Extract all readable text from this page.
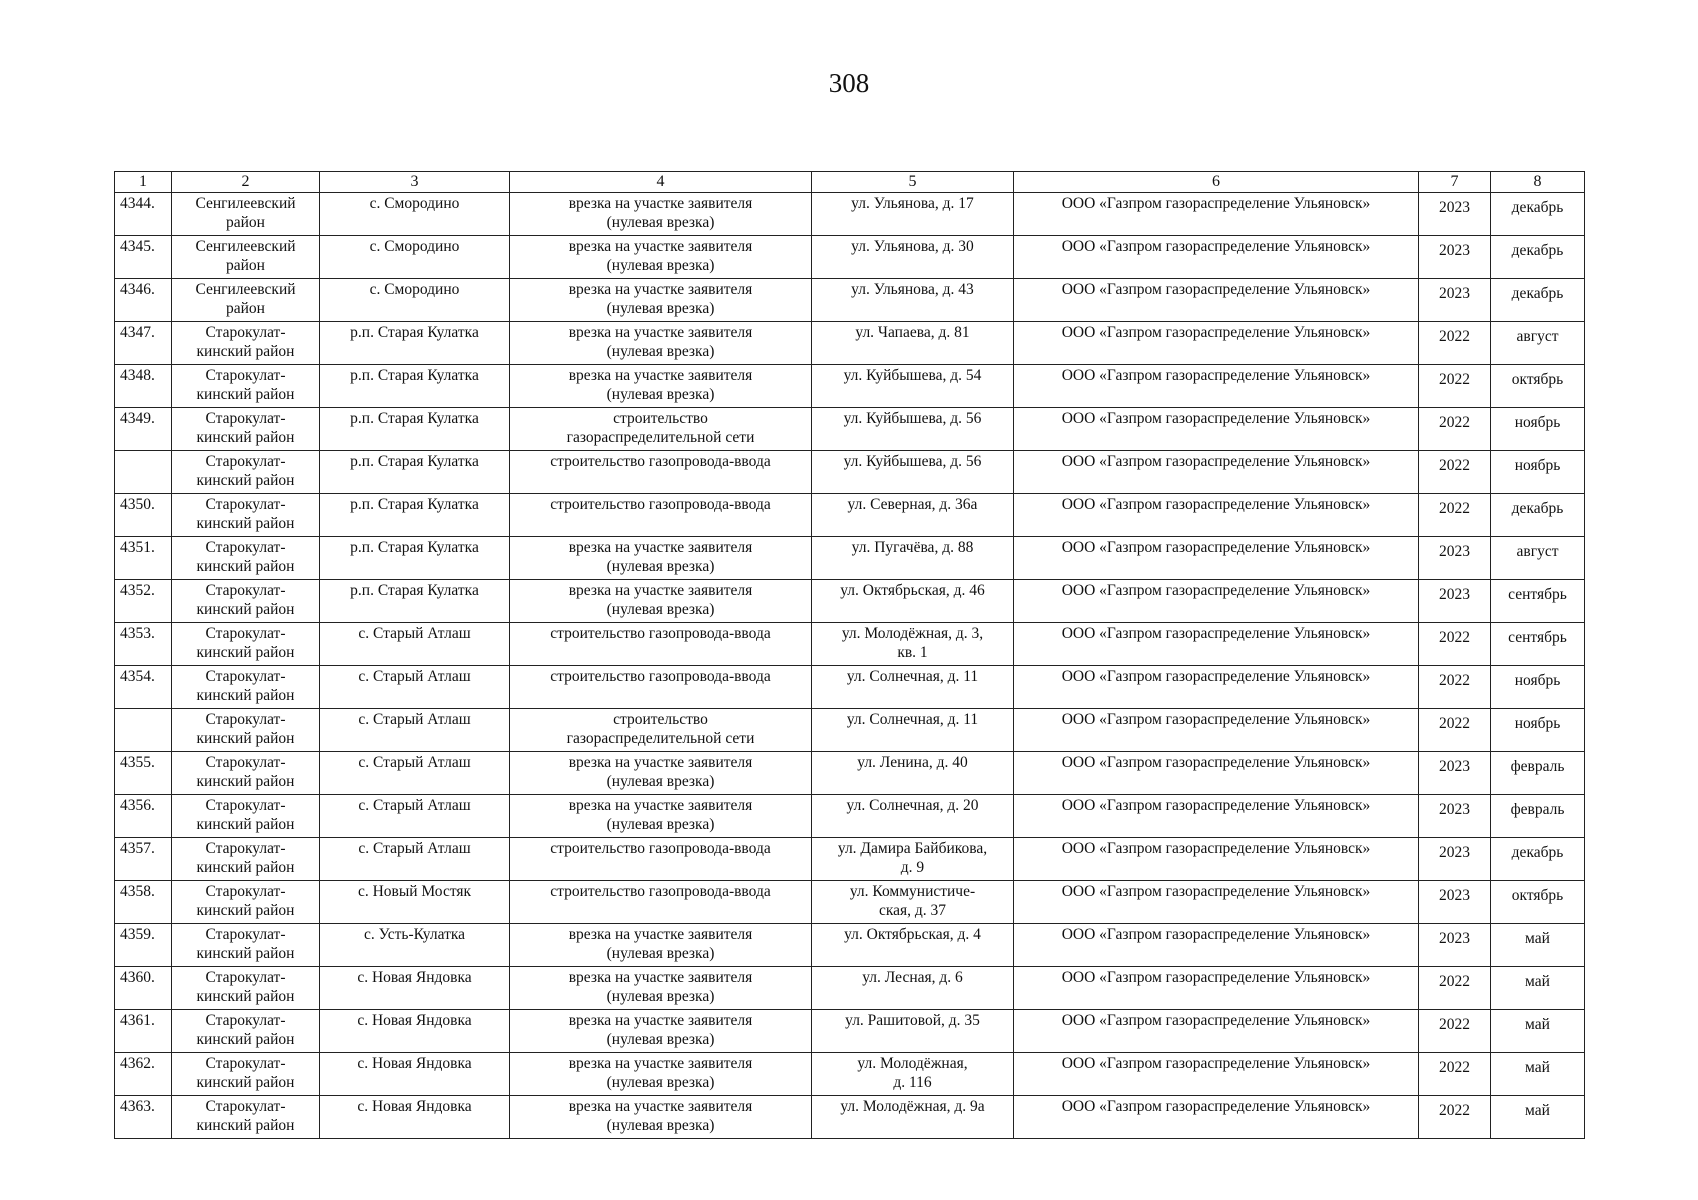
308
1	2	3	4	5	6	7	8

4344.	Сенгилеевский
район	с. Смородино	врезка на участке заявителя
(нулевая врезка)	ул. Ульянова, д. 17	ООО «Газпром газораспределение Ульяновск»	2023	декабрь

4345.	Сенгилеевский
район	с. Смородино	врезка на участке заявителя
(нулевая врезка)	ул. Ульянова, д. 30	ООО «Газпром газораспределение Ульяновск»	2023	декабрь

4346.	Сенгилеевский
район	с. Смородино	врезка на участке заявителя
(нулевая врезка)	ул. Ульянова, д. 43	ООО «Газпром газораспределение Ульяновск»	2023	декабрь

4347.	Старокулат-
кинский район	р.п. Старая Кулатка	врезка на участке заявителя
(нулевая врезка)	ул. Чапаева, д. 81	ООО «Газпром газораспределение Ульяновск»	2022	август

4348.	Старокулат-
кинский район	р.п. Старая Кулатка	врезка на участке заявителя
(нулевая врезка)	ул. Куйбышева, д. 54	ООО «Газпром газораспределение Ульяновск»	2022	октябрь

4349.	Старокулат-
кинский район	р.п. Старая Кулатка	строительство
газораспределительной сети	ул. Куйбышева, д. 56	ООО «Газпром газораспределение Ульяновск»	2022	ноябрь

	Старокулат-
кинский район	р.п. Старая Кулатка	строительство газопровода-ввода	ул. Куйбышева, д. 56	ООО «Газпром газораспределение Ульяновск»	2022	ноябрь

4350.	Старокулат-
кинский район	р.п. Старая Кулатка	строительство газопровода-ввода	ул. Северная, д. 36а	ООО «Газпром газораспределение Ульяновск»	2022	декабрь

4351.	Старокулат-
кинский район	р.п. Старая Кулатка	врезка на участке заявителя
(нулевая врезка)	ул. Пугачёва, д. 88	ООО «Газпром газораспределение Ульяновск»	2023	август

4352.	Старокулат-
кинский район	р.п. Старая Кулатка	врезка на участке заявителя
(нулевая врезка)	ул. Октябрьская, д. 46	ООО «Газпром газораспределение Ульяновск»	2023	сентябрь

4353.	Старокулат-
кинский район	с. Старый Атлаш	строительство газопровода-ввода	ул. Молодёжная, д. 3,
кв. 1	ООО «Газпром газораспределение Ульяновск»	2022	сентябрь

4354.	Старокулат-
кинский район	с. Старый Атлаш	строительство газопровода-ввода	ул. Солнечная, д. 11	ООО «Газпром газораспределение Ульяновск»	2022	ноябрь

	Старокулат-
кинский район	с. Старый Атлаш	строительство
газораспределительной сети	ул. Солнечная, д. 11	ООО «Газпром газораспределение Ульяновск»	2022	ноябрь

4355.	Старокулат-
кинский район	с. Старый Атлаш	врезка на участке заявителя
(нулевая врезка)	ул. Ленина, д. 40	ООО «Газпром газораспределение Ульяновск»	2023	февраль

4356.	Старокулат-
кинский район	с. Старый Атлаш	врезка на участке заявителя
(нулевая врезка)	ул. Солнечная, д. 20	ООО «Газпром газораспределение Ульяновск»	2023	февраль

4357.	Старокулат-
кинский район	с. Старый Атлаш	строительство газопровода-ввода	ул. Дамира Байбикова,
д. 9	ООО «Газпром газораспределение Ульяновск»	2023	декабрь

4358.	Старокулат-
кинский район	с. Новый Мостяк	строительство газопровода-ввода	ул. Коммунистиче-
ская, д. 37	ООО «Газпром газораспределение Ульяновск»	2023	октябрь

4359.	Старокулат-
кинский район	с. Усть-Кулатка	врезка на участке заявителя
(нулевая врезка)	ул. Октябрьская, д. 4	ООО «Газпром газораспределение Ульяновск»	2023	май

4360.	Старокулат-
кинский район	с. Новая Яндовка	врезка на участке заявителя
(нулевая врезка)	ул. Лесная, д. 6	ООО «Газпром газораспределение Ульяновск»	2022	май

4361.	Старокулат-
кинский район	с. Новая Яндовка	врезка на участке заявителя
(нулевая врезка)	ул. Рашитовой, д. 35	ООО «Газпром газораспределение Ульяновск»	2022	май

4362.	Старокулат-
кинский район	с. Новая Яндовка	врезка на участке заявителя
(нулевая врезка)	ул. Молодёжная,
д. 116	ООО «Газпром газораспределение Ульяновск»	2022	май

4363.	Старокулат-
кинский район	с. Новая Яндовка	врезка на участке заявителя
(нулевая врезка)	ул. Молодёжная, д. 9а	ООО «Газпром газораспределение Ульяновск»	2022	май
